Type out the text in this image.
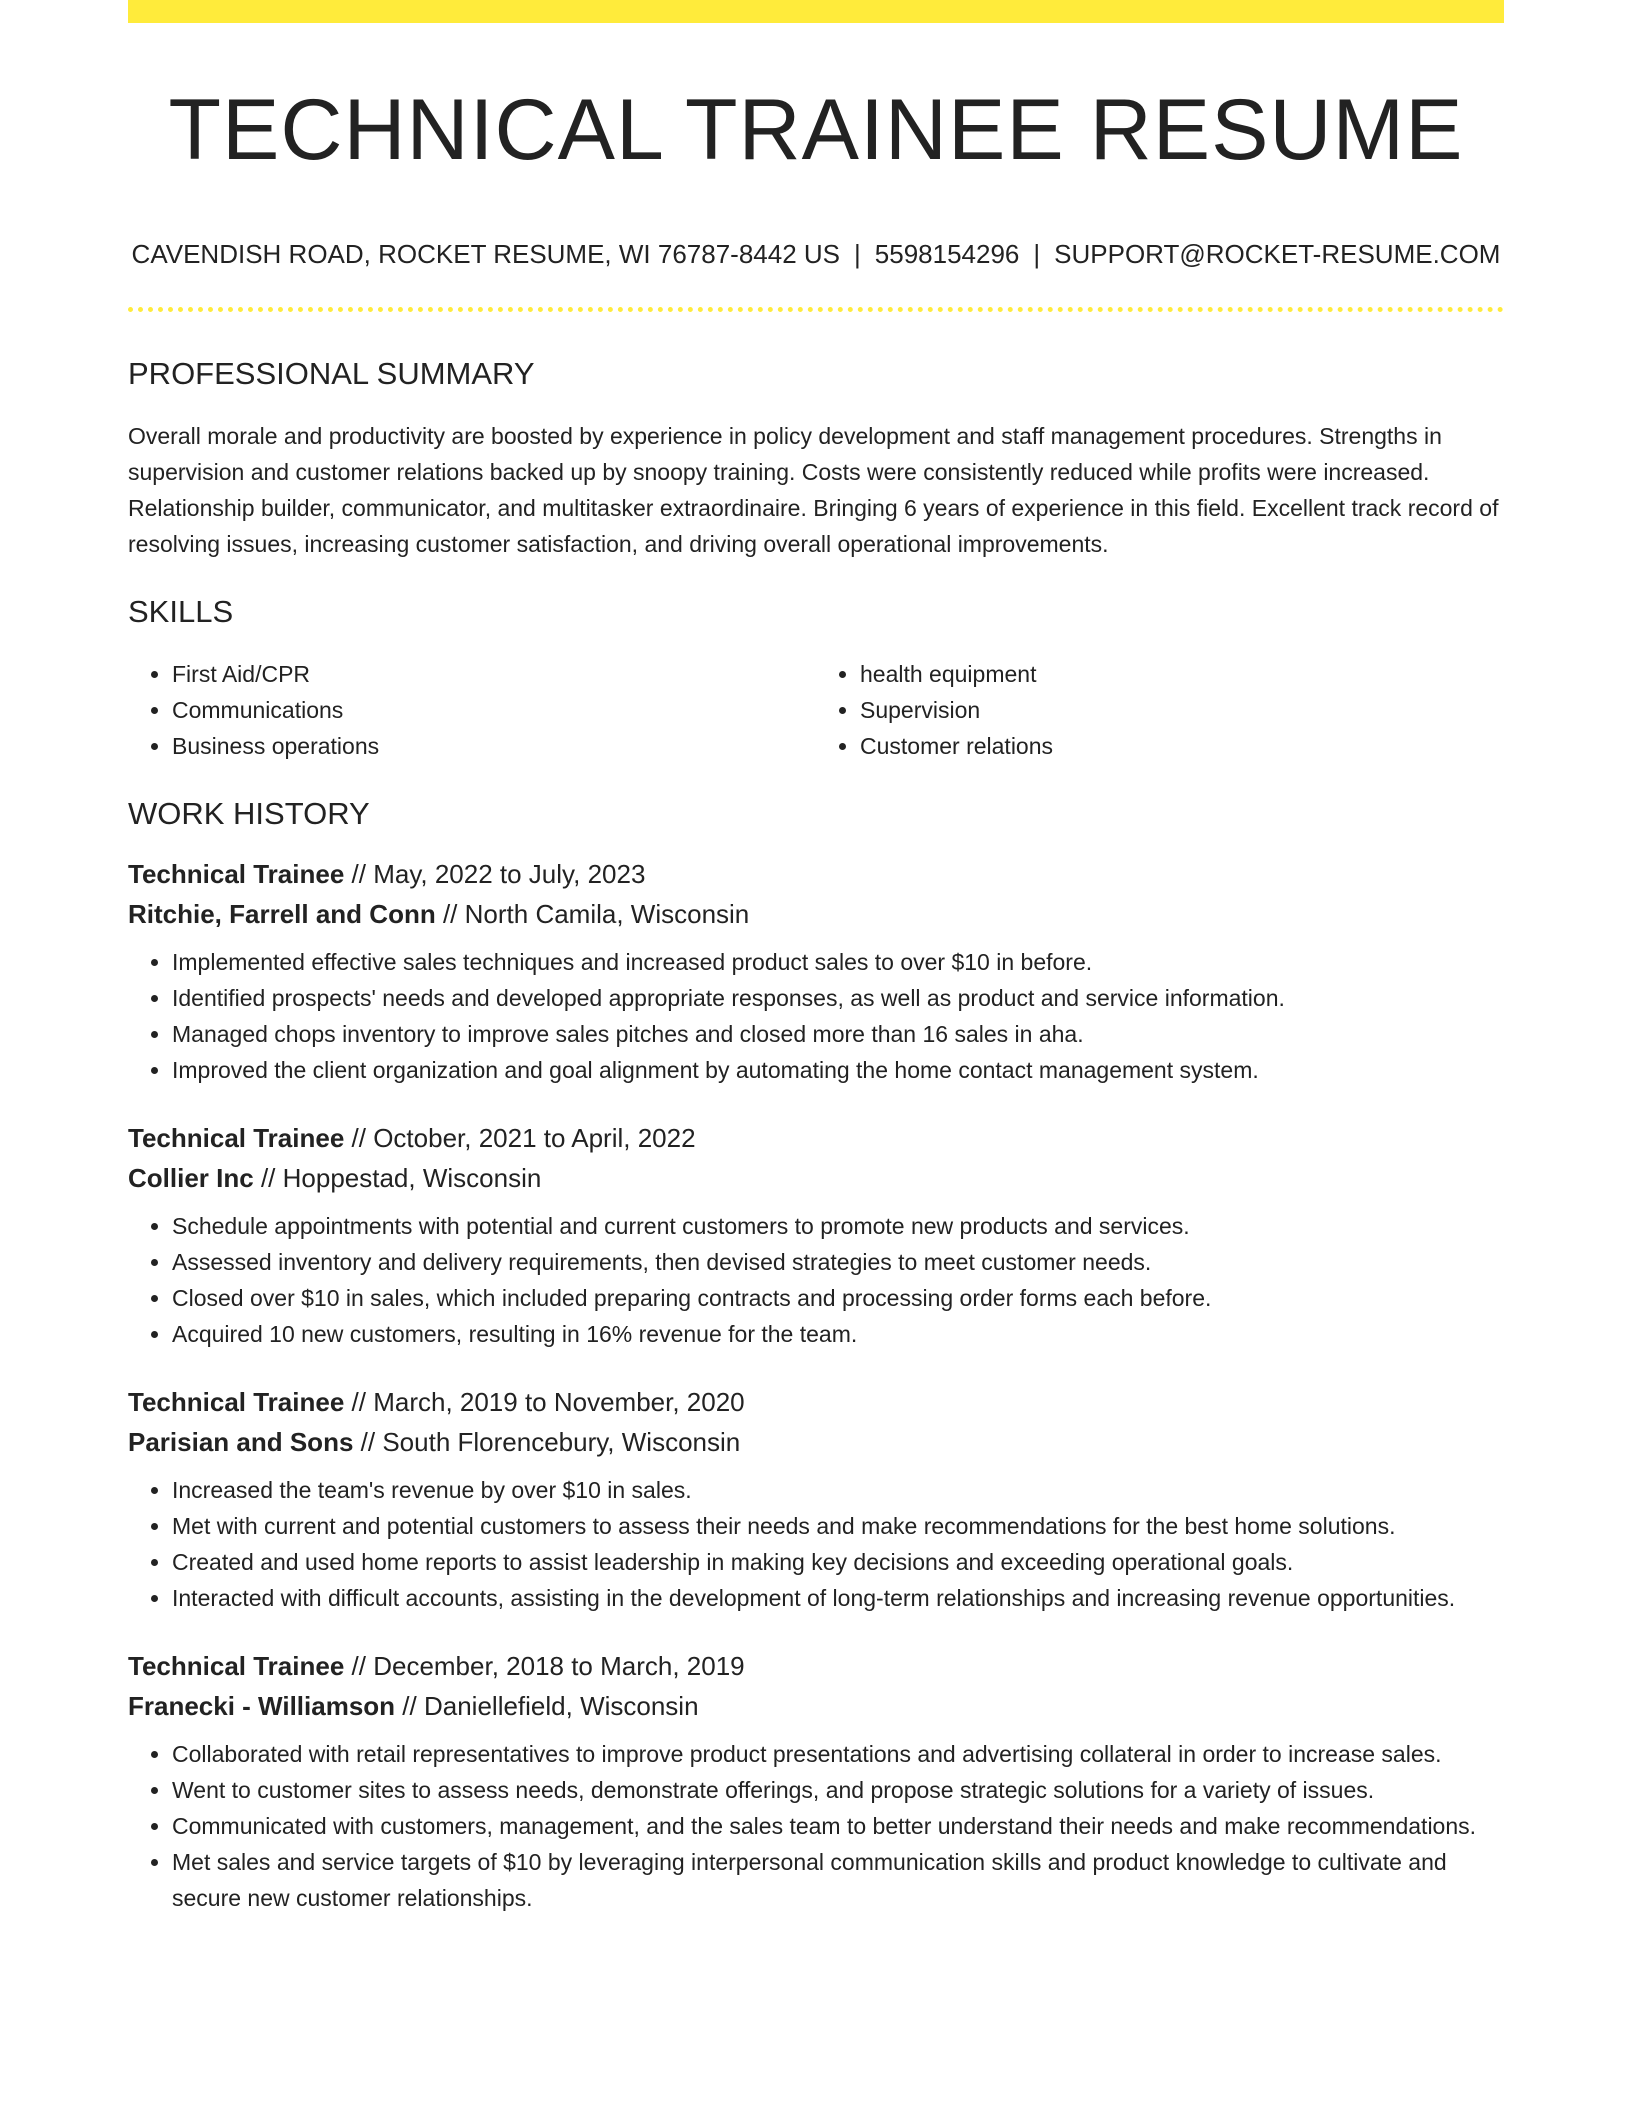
TECHNICAL TRAINEE RESUME
CAVENDISH ROAD, ROCKET RESUME, WI 76787-8442 US | 5598154296 | SUPPORT@ROCKET-RESUME.COM
PROFESSIONAL SUMMARY

Overall morale and productivity are boosted by experience in policy development and staff management procedures. Strengths in supervision and customer relations backed up by snoopy training. Costs were consistently reduced while profits were increased. Relationship builder, communicator, and multitasker extraordinaire. Bringing 6 years of experience in this field. Excellent track record of resolving issues, increasing customer satisfaction, and driving overall operational improvements.

SKILLS
• First Aid/CPR
• Communications
• Business operations
• health equipment
• Supervision
• Customer relations
WORK HISTORY
Technical Trainee // May, 2022 to July, 2023
Ritchie, Farrell and Conn // North Camila, Wisconsin
• Implemented effective sales techniques and increased product sales to over $10 in before.
• Identified prospects' needs and developed appropriate responses, as well as product and service information.
• Managed chops inventory to improve sales pitches and closed more than 16 sales in aha.
• Improved the client organization and goal alignment by automating the home contact management system.
Technical Trainee // October, 2021 to April, 2022
Collier Inc // Hoppestad, Wisconsin
• Schedule appointments with potential and current customers to promote new products and services.
• Assessed inventory and delivery requirements, then devised strategies to meet customer needs.
• Closed over $10 in sales, which included preparing contracts and processing order forms each before.
• Acquired 10 new customers, resulting in 16% revenue for the team.
Technical Trainee // March, 2019 to November, 2020
Parisian and Sons // South Florencebury, Wisconsin
• Increased the team's revenue by over $10 in sales.
• Met with current and potential customers to assess their needs and make recommendations for the best home solutions.
• Created and used home reports to assist leadership in making key decisions and exceeding operational goals.
• Interacted with difficult accounts, assisting in the development of long-term relationships and increasing revenue opportunities.
Technical Trainee // December, 2018 to March, 2019
Franecki - Williamson // Daniellefield, Wisconsin
• Collaborated with retail representatives to improve product presentations and advertising collateral in order to increase sales.
• Went to customer sites to assess needs, demonstrate offerings, and propose strategic solutions for a variety of issues.
• Communicated with customers, management, and the sales team to better understand their needs and make recommendations.
• Met sales and service targets of $10 by leveraging interpersonal communication skills and product knowledge to cultivate and secure new customer relationships.
